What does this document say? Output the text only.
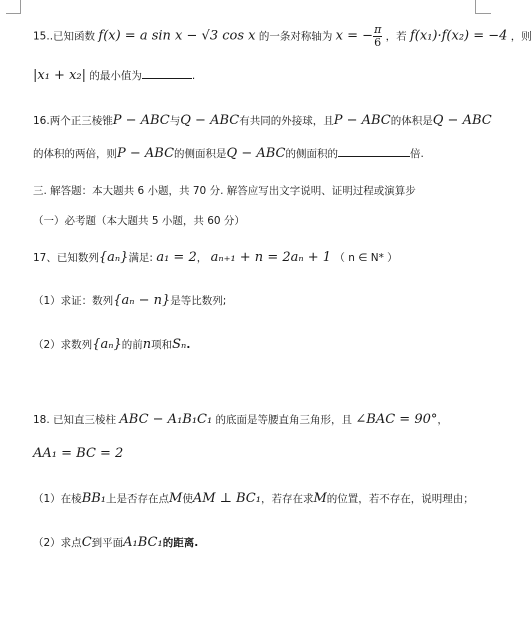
15..已知函数 f(x) = a sin x − √3 cos x 的一条对称轴为 x = − $\frac{\pi}{6}$ ，若 f(x₁)·f(x₂) = −4 ，则
|x₁ + x₂| 的最小值为	.
16.两个正三棱锥P − ABC与Q − ABC有共同的外接球，且P − ABC的体积是Q − ABC
的体积的两倍，则P − ABC的侧面积是Q − ABC的侧面积的	倍.
三. 解答题：本大题共 6 小题，共 70 分. 解答应写出文字说明、证明过程或演算步
（一）必考题（本大题共 5 小题，共 60 分）
17、已知数列{aₙ}满足: a₁ = 2， aₙ₊₁ + n = 2aₙ + 1 （ n ∈ N* ）
（1）求证：数列{aₙ − n}是等比数列;
（2）求数列{aₙ}的前n项和Sₙ.
18. 已知直三棱柱 ABC − A₁B₁C₁ 的底面是等腰直角三角形，且 ∠BAC = 90°，
AA₁ = BC = 2
（1）在棱BB₁上是否存在点M使AM ⊥ BC₁，若存在求M的位置，若不存在，说明理由；
（2）求点C到平面A₁BC₁的距离.
